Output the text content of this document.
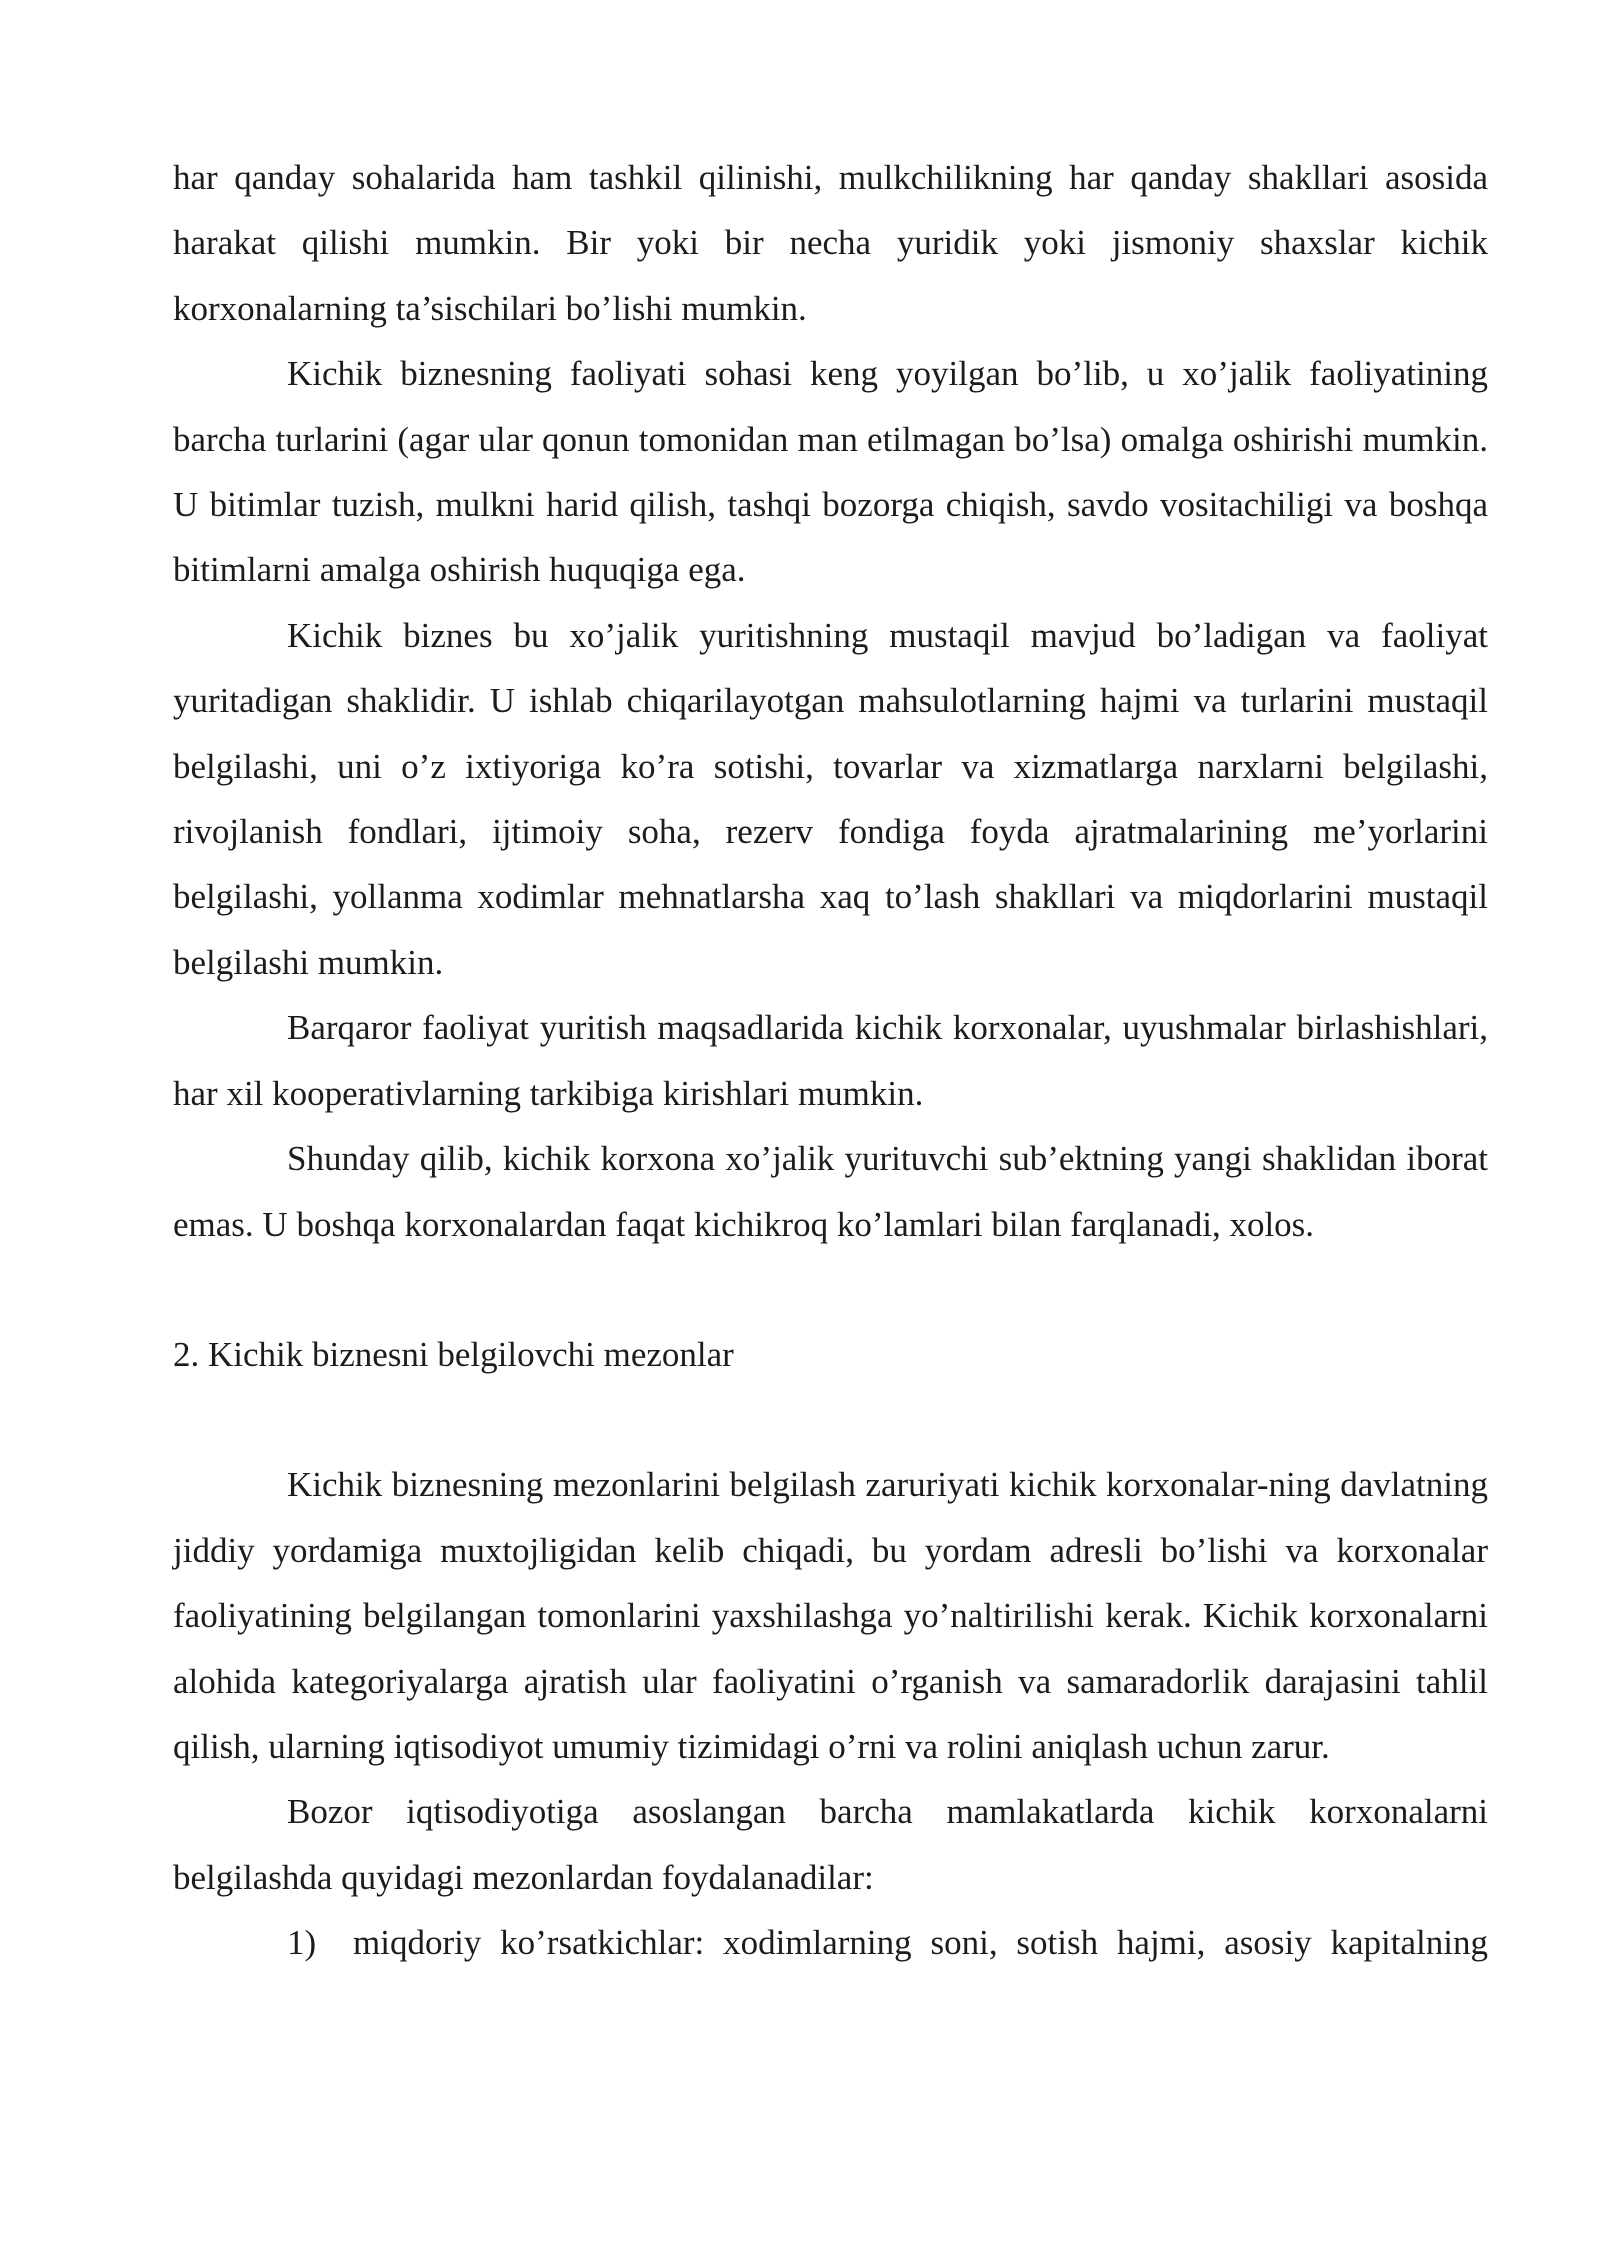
har qanday sohalarida ham tashkil qilinishi, mulkchilikning har qanday shakllari asosida harakat qilishi mumkin. Bir yoki bir necha yuridik yoki jismoniy shaxslar kichik korxonalarning ta’sischilari bo’lishi mumkin.

Kichik biznesning faoliyati sohasi keng yoyilgan bo’lib, u xo’jalik faoliyatining barcha turlarini (agar ular qonun tomonidan man etilmagan bo’lsa) omalga oshirishi mumkin. U bitimlar tuzish, mulkni harid qilish, tashqi bozorga chiqish, savdo vositachiligi va boshqa bitimlarni amalga oshirish huquqiga ega.

Kichik biznes bu xo’jalik yuritishning mustaqil mavjud bo’ladigan va faoliyat yuritadigan shaklidir. U ishlab chiqarilayotgan mahsulotlarning hajmi va turlarini mustaqil belgilashi, uni o’z ixtiyoriga ko’ra sotishi, tovarlar va xizmatlarga narxlarni belgilashi, rivojlanish fondlari, ijtimoiy soha, rezerv fondiga foyda ajratmalarining me’yorlarini belgilashi, yollanma xodimlar mehnatlarsha xaq to’lash shakllari va miqdorlarini mustaqil belgilashi mumkin.

Barqaror faoliyat yuritish maqsadlarida kichik korxonalar, uyushmalar birlashishlari, har xil kooperativlarning tarkibiga kirishlari mumkin.

Shunday qilib, kichik korxona xo’jalik yurituvchi sub’ektning yangi shaklidan iborat emas. U boshqa korxonalardan faqat kichikroq ko’lamlari bilan farqlanadi, xolos.

2. Kichik biznesni belgilovchi mezonlar

Kichik biznesning mezonlarini belgilash zaruriyati kichik korxonalar-ning davlatning jiddiy yordamiga muxtojligidan kelib chiqadi, bu yordam adresli bo’lishi va korxonalar faoliyatining belgilangan tomonlarini yaxshilashga yo’naltirilishi kerak. Kichik korxonalarni alohida kategoriyalarga ajratish ular faoliyatini o’rganish va samaradorlik darajasini tahlil qilish, ularning iqtisodiyot umumiy tizimidagi o’rni va rolini aniqlash uchun zarur.

Bozor iqtisodiyotiga asoslangan barcha mamlakatlarda kichik korxonalarni belgilashda quyidagi mezonlardan foydalanadilar:

1)	miqdoriy ko’rsatkichlar: xodimlarning soni, sotish hajmi, asosiy kapitalning
